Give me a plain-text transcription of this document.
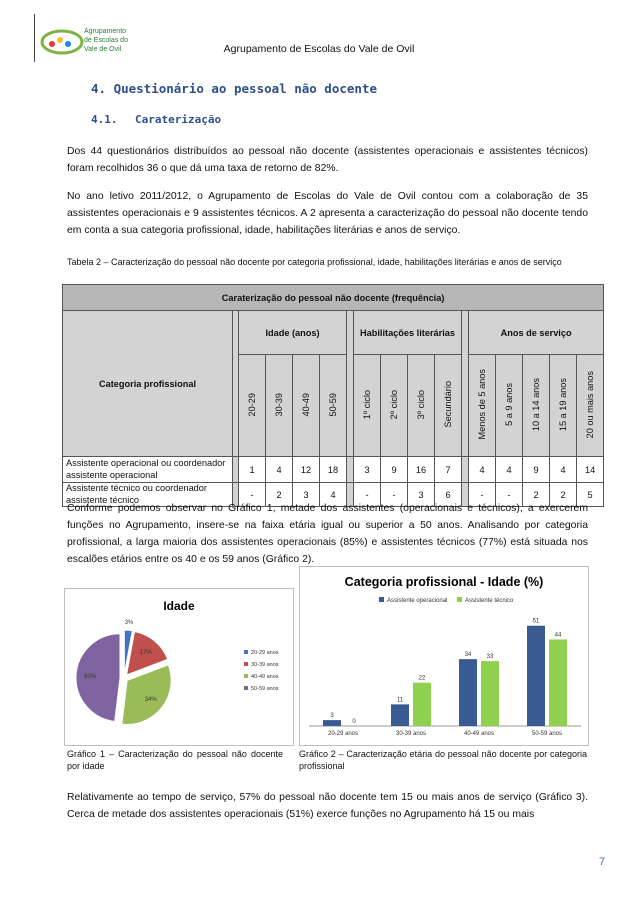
Agrupamento
de Escolas do
Vale de Ovil	Agrupamento de Escolas do Vale de Ovil
4. Questionário ao pessoal não docente
4.1. Caraterização

Dos 44 questionários distribuídos ao pessoal não docente (assistentes operacionais e assistentes técnicos) foram recolhidos 36 o que dá uma taxa de retorno de 82%.

No ano letivo 2011/2012, o Agrupamento de Escolas do Vale de Ovil contou com a colaboração de 35 assistentes operacionais e 9 assistentes técnicos. A 2 apresenta a caracterização do pessoal não docente tendo em conta a sua categoria profissional, idade, habilitações literárias e anos de serviço.

Tabela 2 – Caracterização do pessoal não docente por categoria profissional, idade, habilitações literárias e anos de serviço

Caraterização do pessoal não docente (frequência)																
Categoria profissional		Idade (anos)					Habilitações literárias					Anos de serviço				
		20-29	30-39	40-49	50-59		1º ciclo	2º ciclo	3º ciclo	Secundário		Menos de 5 anos	5 a 9 anos	10 a 14 anos	15 a 19 anos	20 ou mais anos
Assistente operacional ou coordenador assistente operacional		1	4	12	18		3	9	16	7		4	4	9	4	14
Assistente técnico ou coordenador assistente técnico		-	2	3	4		-	-	3	6		-	-	2	2	5

Conforme podemos observar no Gráfico 1, metade dos assistentes (operacionais e técnicos), a exercerem funções no Agrupamento, insere-se na faixa etária igual ou superior a 50 anos. Analisando por categoria profissional, a larga maioria dos assistentes operacionais (85%) e assistentes técnicos (77%) está situada nos escalões etários entre os 40 e os 59 anos (Gráfico 2).

Idade
3%
17%
34%
50%
20-29 anos
30-39 anos
40-49 anos
50-59 anos
Categoria profissional - Idade (%)
Assistente operacional	Assistente técnico
3
0
20-29 anos
11
22
30-39 anos
34	33
40-49 anos
51
44
50-59 anos

Gráfico 1 – Caracterização do pessoal não docente por idade

Gráfico 2 – Caracterização etária do pessoal não docente por categoria profissional

Relativamente ao tempo de serviço, 57% do pessoal não docente tem 15 ou mais anos de serviço (Gráfico 3). Cerca de metade dos assistentes operacionais (51%) exerce funções no Agrupamento há 15 ou mais

7
